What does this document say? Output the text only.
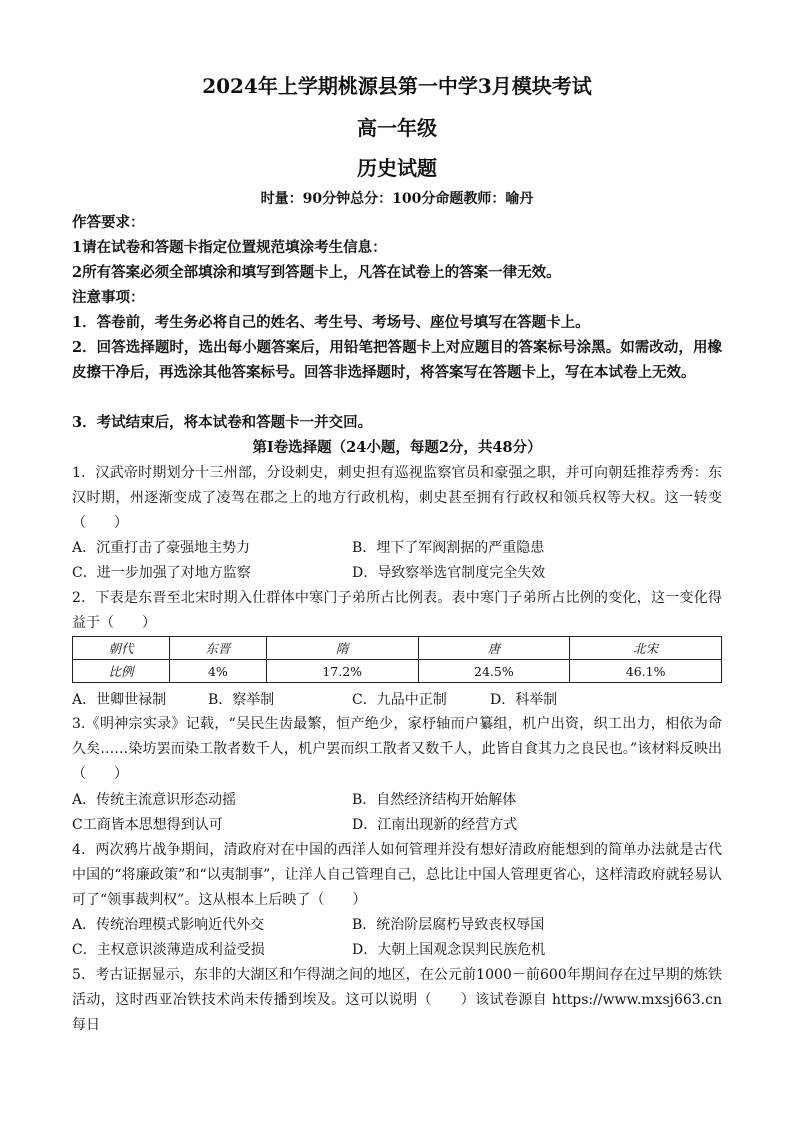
2024年上学期桃源县第一中学3月模块考试
高一年级
历史试题
时量：90分钟总分：100分命题教师：喻丹
作答要求：
1请在试卷和答题卡指定位置规范填涂考生信息：
2所有答案必须全部填涂和填写到答题卡上，凡答在试卷上的答案一律无效。
注意事项：
1．答卷前，考生务必将自己的姓名、考生号、考场号、座位号填写在答题卡上。
2．回答选择题时，选出每小题答案后，用铅笔把答题卡上对应题目的答案标号涂黑。如需改动，用橡皮擦干净后，再选涂其他答案标号。回答非选择题时，将答案写在答题卡上，写在本试卷上无效。
3．考试结束后，将本试卷和答题卡一并交回。
第Ⅰ卷选择题（24小题，每题2分，共48分）
1．汉武帝时期划分十三州部，分设刺史，刺史担有巡视监察官员和豪强之职，并可向朝廷推荐秀秀：东汉时期，州逐渐变成了凌驾在郡之上的地方行政机构，刺史甚至拥有行政权和领兵权等大权。这一转变（　　）
A．沉重打击了豪强地主势力	B．埋下了军阀割据的严重隐患
C．进一步加强了对地方监察	D．导致察举选官制度完全失效
2．下表是东晋至北宋时期入仕群体中寒门子弟所占比例表。表中寒门子弟所占比例的变化，这一变化得益于（　　）
朝代	东晋	隋	唐	北宋
比例	4%	17.2%	24.5%	46.1%
A．世卿世禄制	B．察举制	C．九品中正制	D．科举制
3.《明神宗实录》记载，“吴民生齿最繁，恒产绝少，家杼轴而户纂组，机户出资，织工出力，相依为命久矣……染坊罢而染工散者数千人，机户罢而织工散者又数千人，此皆自食其力之良民也。”该材料反映出（　　）
A．传统主流意识形态动摇	B．自然经济结构开始解体
C工商皆本思想得到认可	D．江南出现新的经营方式
4．两次鸦片战争期间，清政府对在中国的西洋人如何管理并没有想好清政府能想到的简单办法就是古代中国的“将廉政策”和“以夷制事”，让洋人自己管理自己，总比让中国人管理更省心，这样清政府就轻易认可了“领事裁判权”。这从根本上后映了（　　）
A．传统治理模式影响近代外交	B．统治阶层腐朽导致丧权辱国
C．主权意识淡薄造成利益受损	D．大朝上国观念误判民族危机
5．考古证据显示，东非的大湖区和乍得湖之间的地区，在公元前1000－前600年期间存在过早期的炼铁活动，这时西亚冶铁技术尚未传播到埃及。这可以说明（　　）该试卷源自 https://www.mxsj663.cn　每日
